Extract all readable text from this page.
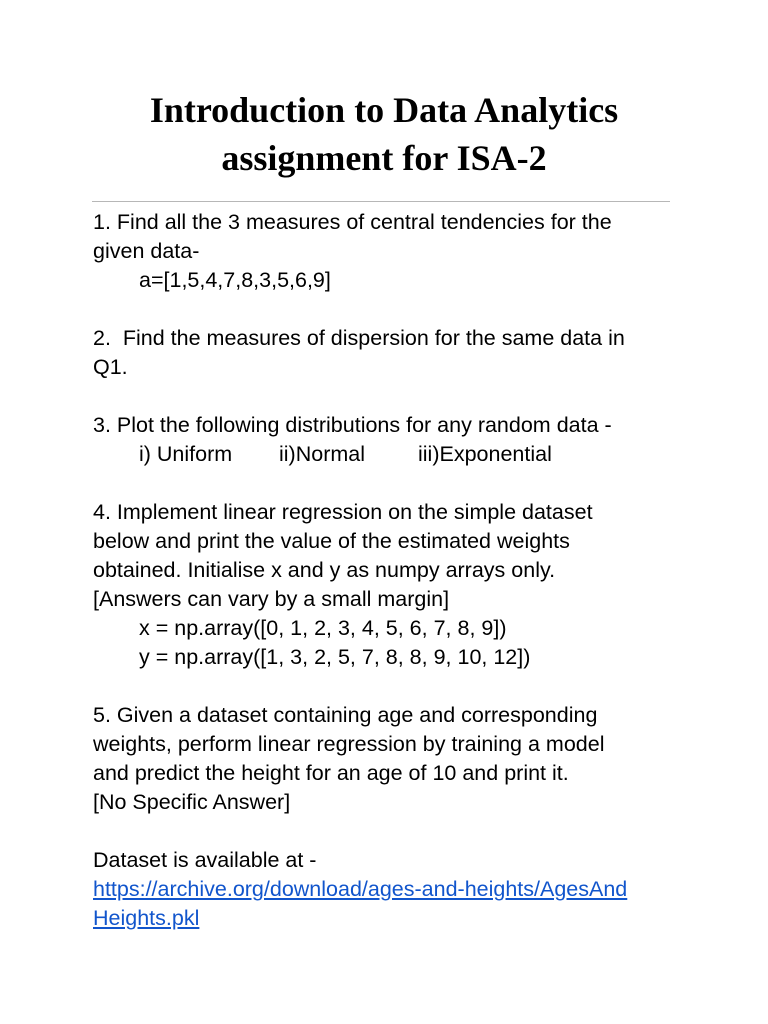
Introduction to Data Analytics
assignment for ISA-2
1. Find all the 3 measures of central tendencies for the
given data-
a=[1,5,4,7,8,3,5,6,9]
2.  Find the measures of dispersion for the same data in
Q1.
3. Plot the following distributions for any random data -
i) Uniform ii)Normal iii)Exponential
4. Implement linear regression on the simple dataset
below and print the value of the estimated weights
obtained. Initialise x and y as numpy arrays only.
[Answers can vary by a small margin]
x = np.array([0, 1, 2, 3, 4, 5, 6, 7, 8, 9])
y = np.array([1, 3, 2, 5, 7, 8, 8, 9, 10, 12])
5. Given a dataset containing age and corresponding
weights, perform linear regression by training a model
and predict the height for an age of 10 and print it.
[No Specific Answer]
Dataset is available at -
https://archive.org/download/ages-and-heights/AgesAnd
Heights.pkl
